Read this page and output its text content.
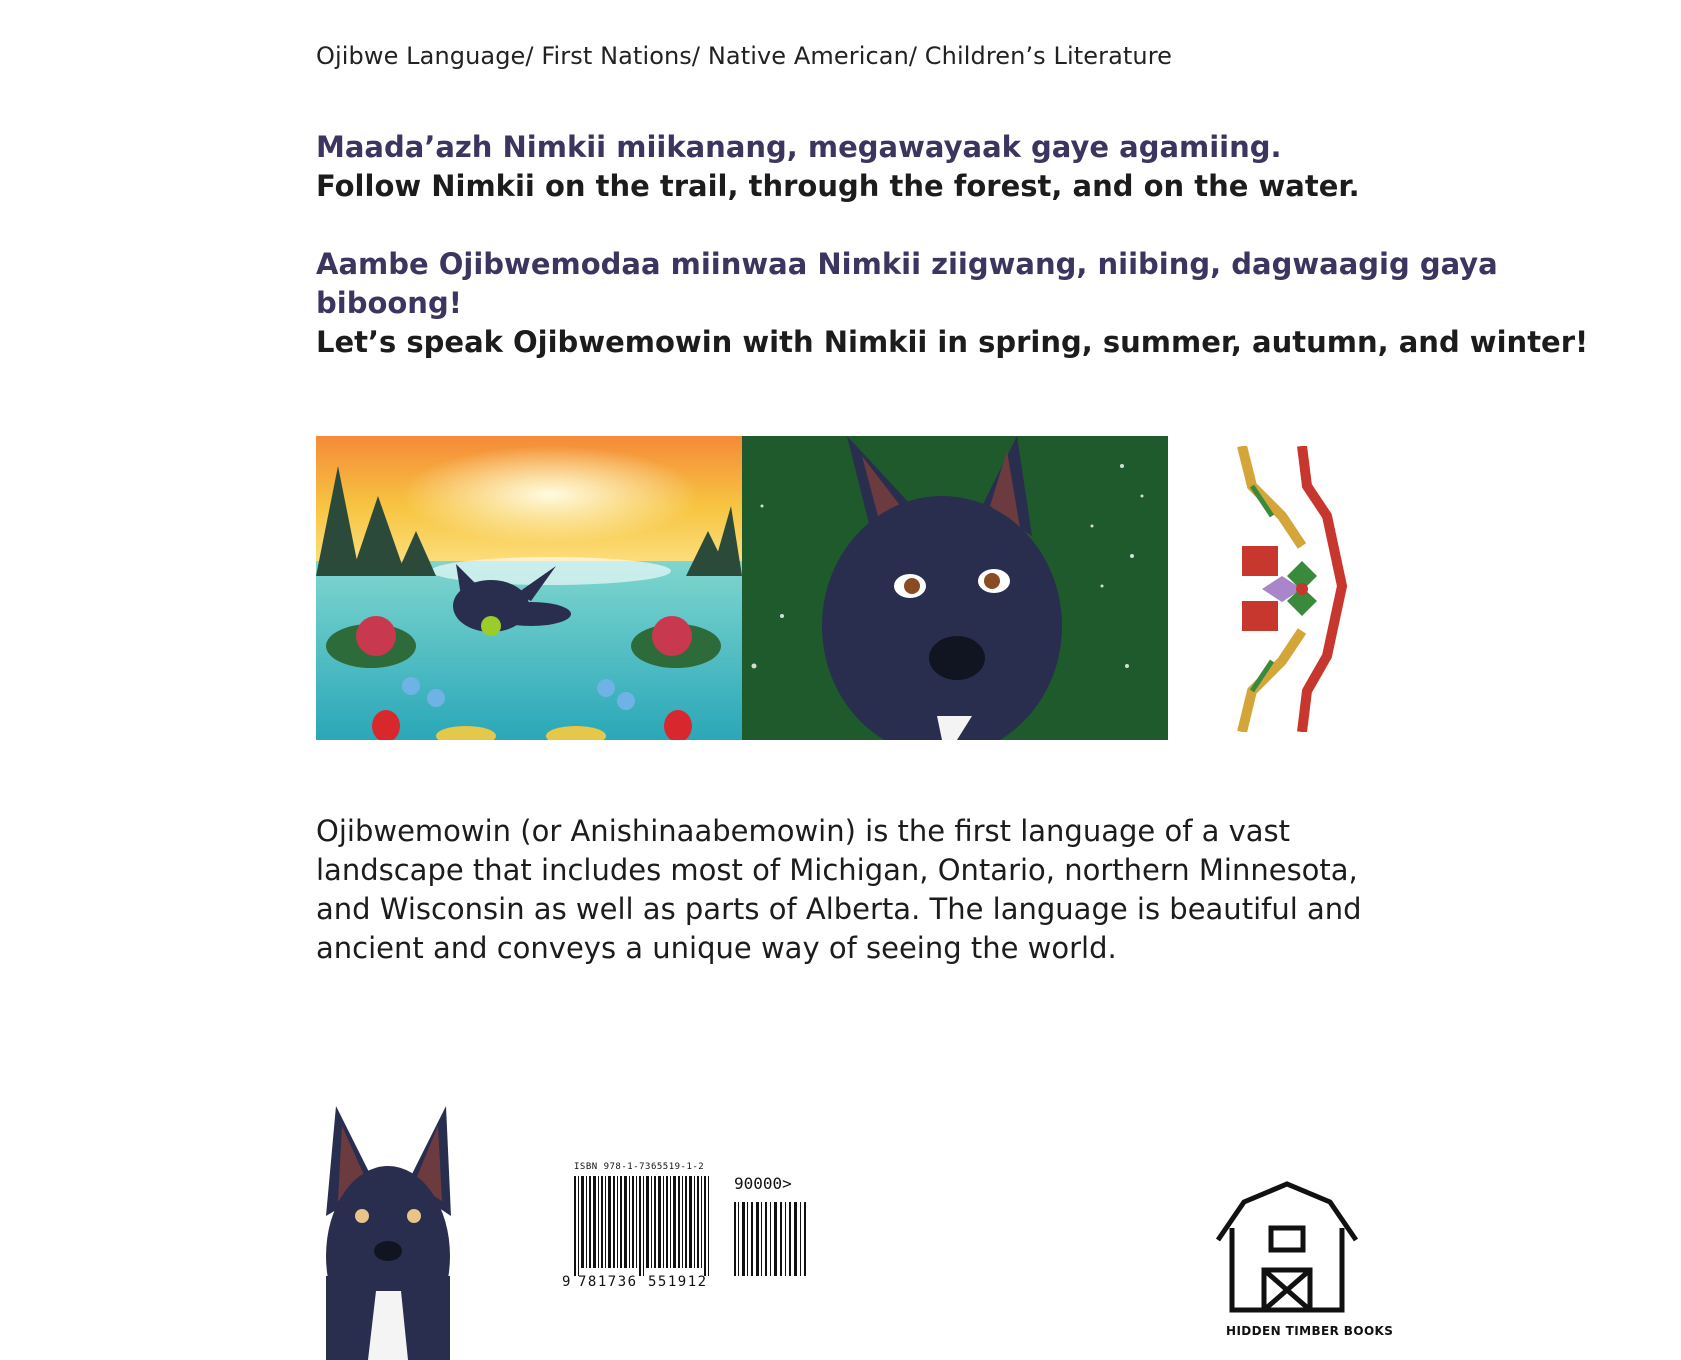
Ojibwe Language/ First Nations/ Native American/ Children’s Literature
Maada’azh Nimkii miikanang, megawayaak gaye agamiing.
Follow Nimkii on the trail, through the forest, and on the water.
Aambe Ojibwemodaa miinwaa Nimkii ziigwang, niibing, dagwaagig gaya
biboong!
Let’s speak Ojibwemowin with Nimkii in spring, summer, autumn, and winter!
Ojibwemowin (or Anishinaabemowin) is the first language of a vast
landscape that includes most of Michigan, Ontario, northern Minnesota,
and Wisconsin as well as parts of Alberta. The language is beautiful and
ancient and conveys a unique way of seeing the world.
ISBN 978-1-7365519-1-2
90000>
9 781736 551912
HIDDEN TIMBER BOOKS
